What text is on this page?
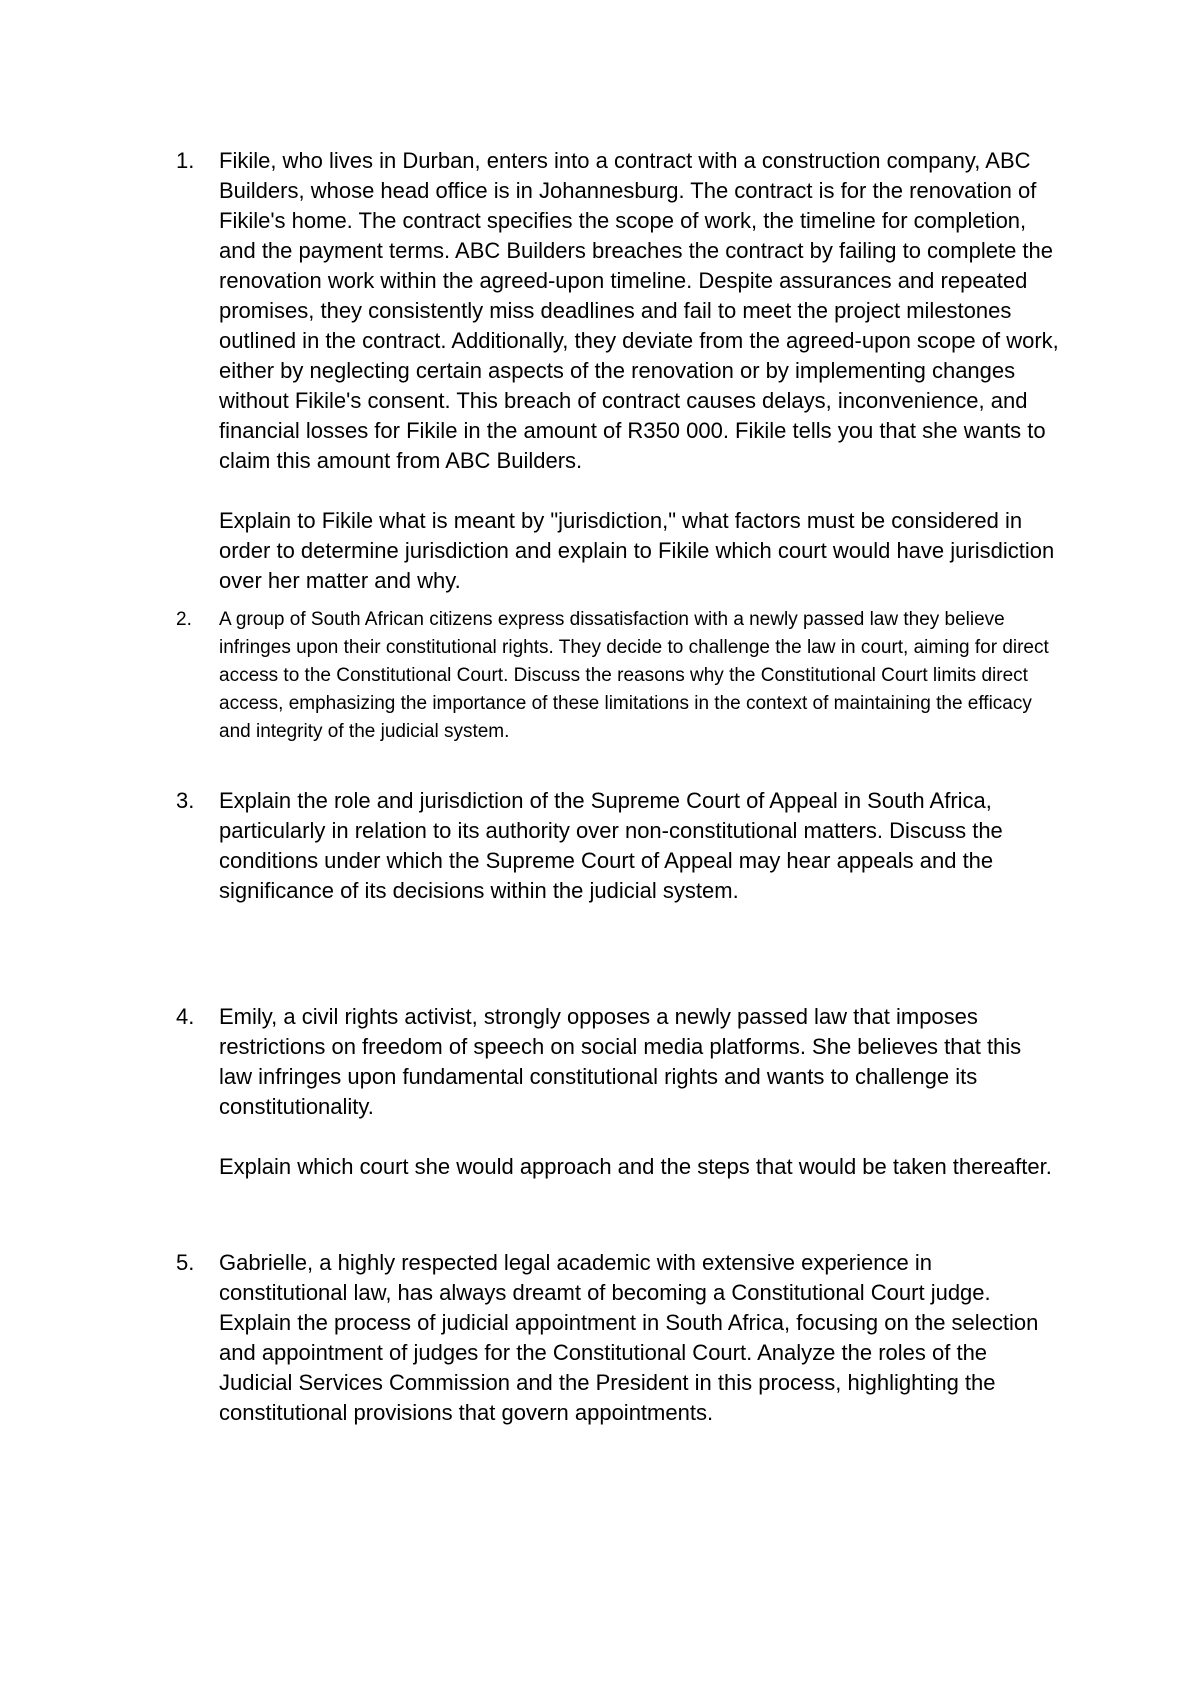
1.	Fikile, who lives in Durban, enters into a contract with a construction company, ABC Builders, whose head office is in Johannesburg. The contract is for the renovation of Fikile's home. The contract specifies the scope of work, the timeline for completion, and the payment terms. ABC Builders breaches the contract by failing to complete the renovation work within the agreed-upon timeline. Despite assurances and repeated promises, they consistently miss deadlines and fail to meet the project milestones outlined in the contract. Additionally, they deviate from the agreed-upon scope of work, either by neglecting certain aspects of the renovation or by implementing changes without Fikile's consent. This breach of contract causes delays, inconvenience, and financial losses for Fikile in the amount of R350 000. Fikile tells you that she wants to claim this amount from ABC Builders.

Explain to Fikile what is meant by "jurisdiction," what factors must be considered in order to determine jurisdiction and explain to Fikile which court would have jurisdiction over her matter and why.

2.	A group of South African citizens express dissatisfaction with a newly passed law they believe infringes upon their constitutional rights. They decide to challenge the law in court, aiming for direct access to the Constitutional Court. Discuss the reasons why the Constitutional Court limits direct access, emphasizing the importance of these limitations in the context of maintaining the efficacy and integrity of the judicial system.

3.	Explain the role and jurisdiction of the Supreme Court of Appeal in South Africa, particularly in relation to its authority over non-constitutional matters. Discuss the conditions under which the Supreme Court of Appeal may hear appeals and the significance of its decisions within the judicial system.

4.	Emily, a civil rights activist, strongly opposes a newly passed law that imposes restrictions on freedom of speech on social media platforms. She believes that this law infringes upon fundamental constitutional rights and wants to challenge its constitutionality.

Explain which court she would approach and the steps that would be taken thereafter.

5.	Gabrielle, a highly respected legal academic with extensive experience in constitutional law, has always dreamt of becoming a Constitutional Court judge. Explain the process of judicial appointment in South Africa, focusing on the selection and appointment of judges for the Constitutional Court. Analyze the roles of the Judicial Services Commission and the President in this process, highlighting the constitutional provisions that govern appointments.
